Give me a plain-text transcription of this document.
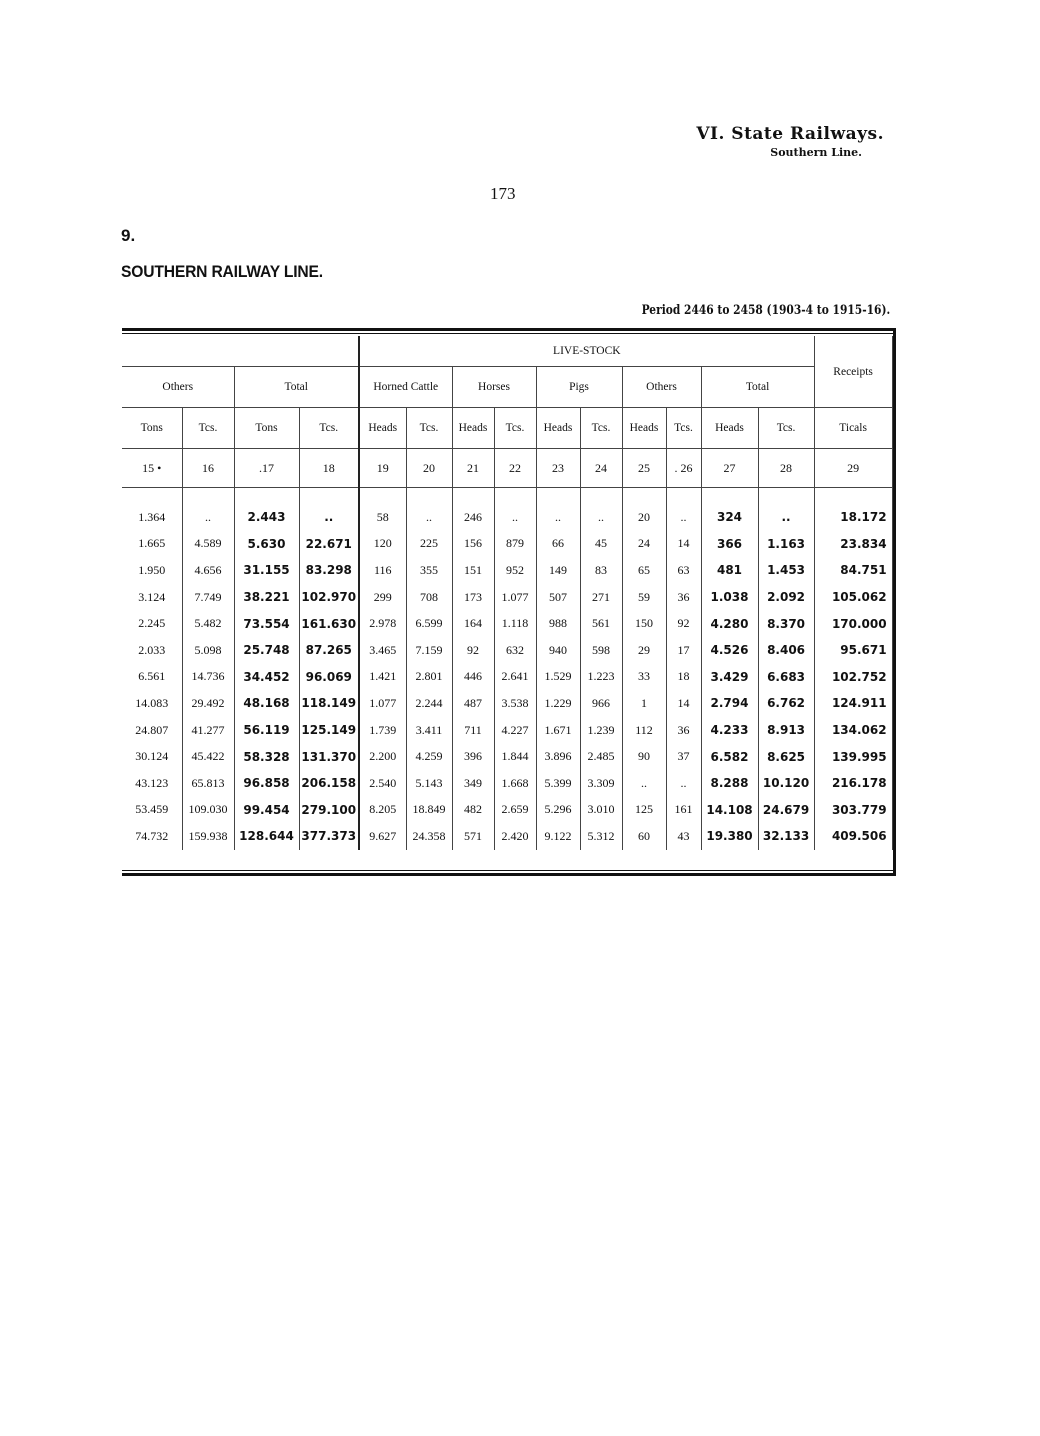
VI. State Railways.
Southern Line.
173
9.
SOUTHERN RAILWAY LINE.
Period 2446 to 2458 (1903-4 to 1915-16).
				LIVE-STOCK										Receipts
Others		Total		Horned Cattle		Horses		Pigs		Others		Total		
Tons	Tcs.	Tons	Tcs.	Heads	Tcs.	Heads	Tcs.	Heads	Tcs.	Heads	Tcs.	Heads	Tcs.	Ticals
15 •	16	.17	18	19	20	21	22	23	24	25	. 26	27	28	29

1.364	..	2.443	..	58	..	246	..	..	..	20	..	324	..	18.172
1.665	4.589	5.630	22.671	120	225	156	879	66	45	24	14	366	1.163	23.834
1.950	4.656	31.155	83.298	116	355	151	952	149	83	65	63	481	1.453	84.751
3.124	7.749	38.221	102.970	299	708	173	1.077	507	271	59	36	1.038	2.092	105.062
2.245	5.482	73.554	161.630	2.978	6.599	164	1.118	988	561	150	92	4.280	8.370	170.000
2.033	5.098	25.748	87.265	3.465	7.159	92	632	940	598	29	17	4.526	8.406	95.671
6.561	14.736	34.452	96.069	1.421	2.801	446	2.641	1.529	1.223	33	18	3.429	6.683	102.752
14.083	29.492	48.168	118.149	1.077	2.244	487	3.538	1.229	966	1	14	2.794	6.762	124.911
24.807	41.277	56.119	125.149	1.739	3.411	711	4.227	1.671	1.239	112	36	4.233	8.913	134.062
30.124	45.422	58.328	131.370	2.200	4.259	396	1.844	3.896	2.485	90	37	6.582	8.625	139.995
43.123	65.813	96.858	206.158	2.540	5.143	349	1.668	5.399	3.309	..	..	8.288	10.120	216.178
53.459	109.030	99.454	279.100	8.205	18.849	482	2.659	5.296	3.010	125	161	14.108	24.679	303.779
74.732	159.938	128.644	377.373	9.627	24.358	571	2.420	9.122	5.312	60	43	19.380	32.133	409.506
